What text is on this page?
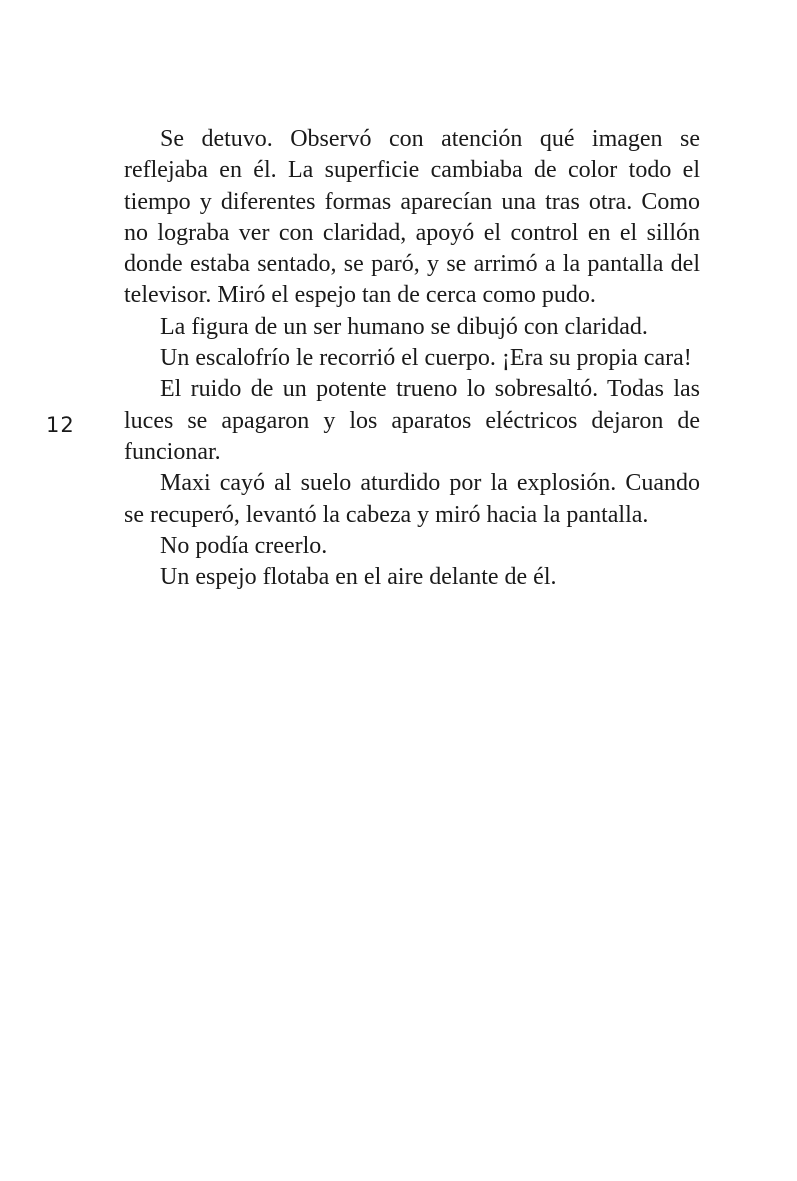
12

Se detuvo. Observó con atención qué imagen se reflejaba en él. La superficie cambiaba de color todo el tiempo y diferentes formas aparecían una tras otra. Como no lograba ver con claridad, apoyó el control en el sillón donde estaba sentado, se paró, y se arrimó a la pantalla del televisor. Miró el espejo tan de cerca como pudo.

La figura de un ser humano se dibujó con claridad.

Un escalofrío le recorrió el cuerpo. ¡Era su propia cara!

El ruido de un potente trueno lo sobresaltó. Todas las luces se apagaron y los aparatos eléctricos dejaron de funcionar.

Maxi cayó al suelo aturdido por la explosión. Cuando se recuperó, levantó la cabeza y miró hacia la pantalla.

No podía creerlo.

Un espejo flotaba en el aire delante de él.
